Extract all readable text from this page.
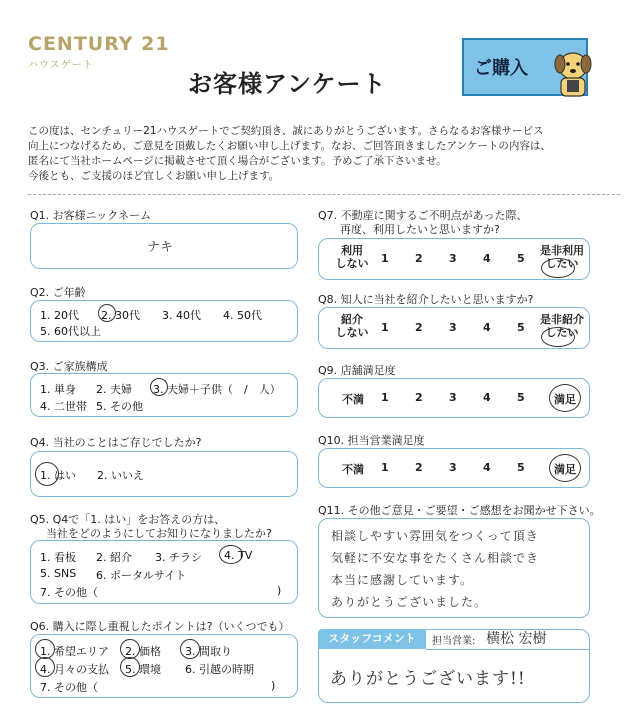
CENTURY 21
ハウスゲート
お客様アンケート
ご購入
この度は、センチュリー21ハウスゲートでご契約頂き、誠にありがとうございます。さらなるお客様サービス
向上につなげるため、ご意見を頂戴したくお願い申し上げます。なお、ご回答頂きましたアンケートの内容は、
匿名にて当社ホームページに掲載させて頂く場合がございます。予めご了承下さいませ。
今後とも、ご支援のほど宜しくお願い申し上げます。
Q1. お客様ニックネーム
ナキ
Q2. ご年齢
1. 20代 2. 30代 3. 40代 4. 50代
5. 60代以上
Q3. ご家族構成
1. 単身 2. 夫婦 3. 夫婦＋子供（　/　人）
4. 二世帯 5. その他
Q4. 当社のことはご存じでしたか?
1. はい 2. いいえ
Q5. Q4で「1. はい」をお答えの方は、
当社をどのようにしてお知りになりましたか?
1. 看板 2. 紹介 3. チラシ 4. TV
5. SNS 6. ポータルサイト
7. その他（	)
Q6. 購入に際し重視したポイントは?（いくつでも）
1. 希望エリア 2. 価格 3. 間取り
4. 月々の支払 5. 環境 6. 引越の時期
7. その他（	)
Q7. 不動産に関するご不明点があった際、
再度、利用したいと思いますか?
利用
しない	1 2 3 4 5
是非利用
したい
Q8. 知人に当社を紹介したいと思いますか?
紹介
しない	1 2 3 4 5
是非紹介
したい
Q9. 店舗満足度
不満	1 2 3 4 5	満足
Q10. 担当営業満足度
不満	1 2 3 4 5	満足
Q11. その他ご意見・ご要望・ご感想をお聞かせ下さい。
相談しやすい雰囲気をつくって頂き
気軽に不安な事をたくさん相談でき
本当に感謝しています。
ありがとうございました。
スタッフコメント	担当営業: 横松 宏樹
ありがとうございます!!
